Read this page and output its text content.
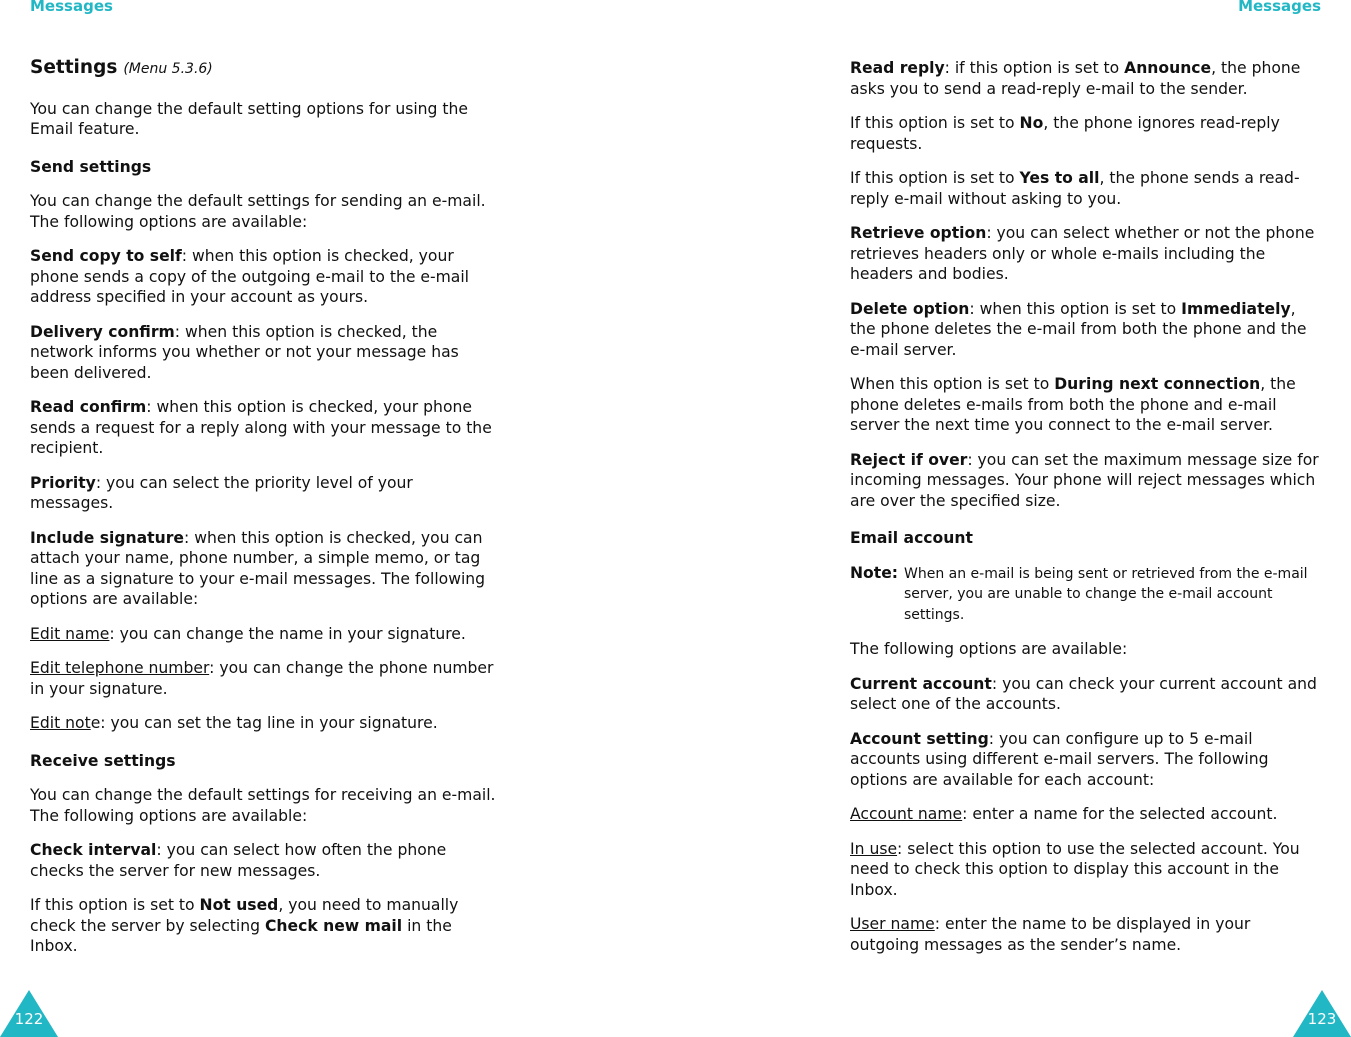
Messages	Messages

Settings (Menu 5.3.6)

You can change the default setting options for using the Email feature.

Send settings

You can change the default settings for sending an e-mail. The following options are available:

Send copy to self: when this option is checked, your phone sends a copy of the outgoing e-mail to the e-mail address specified in your account as yours.

Delivery confirm: when this option is checked, the network informs you whether or not your message has been delivered.

Read confirm: when this option is checked, your phone sends a request for a reply along with your message to the recipient.

Priority: you can select the priority level of your messages.

Include signature: when this option is checked, you can attach your name, phone number, a simple memo, or tag line as a signature to your e-mail messages. The following options are available:

Edit name: you can change the name in your signature.

Edit telephone number: you can change the phone number in your signature.

Edit note: you can set the tag line in your signature.

Receive settings

You can change the default settings for receiving an e-mail. The following options are available:

Check interval: you can select how often the phone checks the server for new messages.

If this option is set to Not used, you need to manually check the server by selecting Check new mail in the Inbox.

Read reply: if this option is set to Announce, the phone asks you to send a read-reply e-mail to the sender.

If this option is set to No, the phone ignores read-reply requests.

If this option is set to Yes to all, the phone sends a read-reply e-mail without asking to you.

Retrieve option: you can select whether or not the phone retrieves headers only or whole e-mails including the headers and bodies.

Delete option: when this option is set to Immediately, the phone deletes the e-mail from both the phone and the e-mail server.

When this option is set to During next connection, the phone deletes e-mails from both the phone and e-mail server the next time you connect to the e-mail server.

Reject if over: you can set the maximum message size for incoming messages. Your phone will reject messages which are over the specified size.

Email account

Note: When an e-mail is being sent or retrieved from the e-mail server, you are unable to change the e-mail account settings.

The following options are available:

Current account: you can check your current account and select one of the accounts.

Account setting: you can configure up to 5 e-mail accounts using different e-mail servers. The following options are available for each account:

Account name: enter a name for the selected account.

In use: select this option to use the selected account. You need to check this option to display this account in the Inbox.

User name: enter the name to be displayed in your outgoing messages as the sender’s name.

122	123
